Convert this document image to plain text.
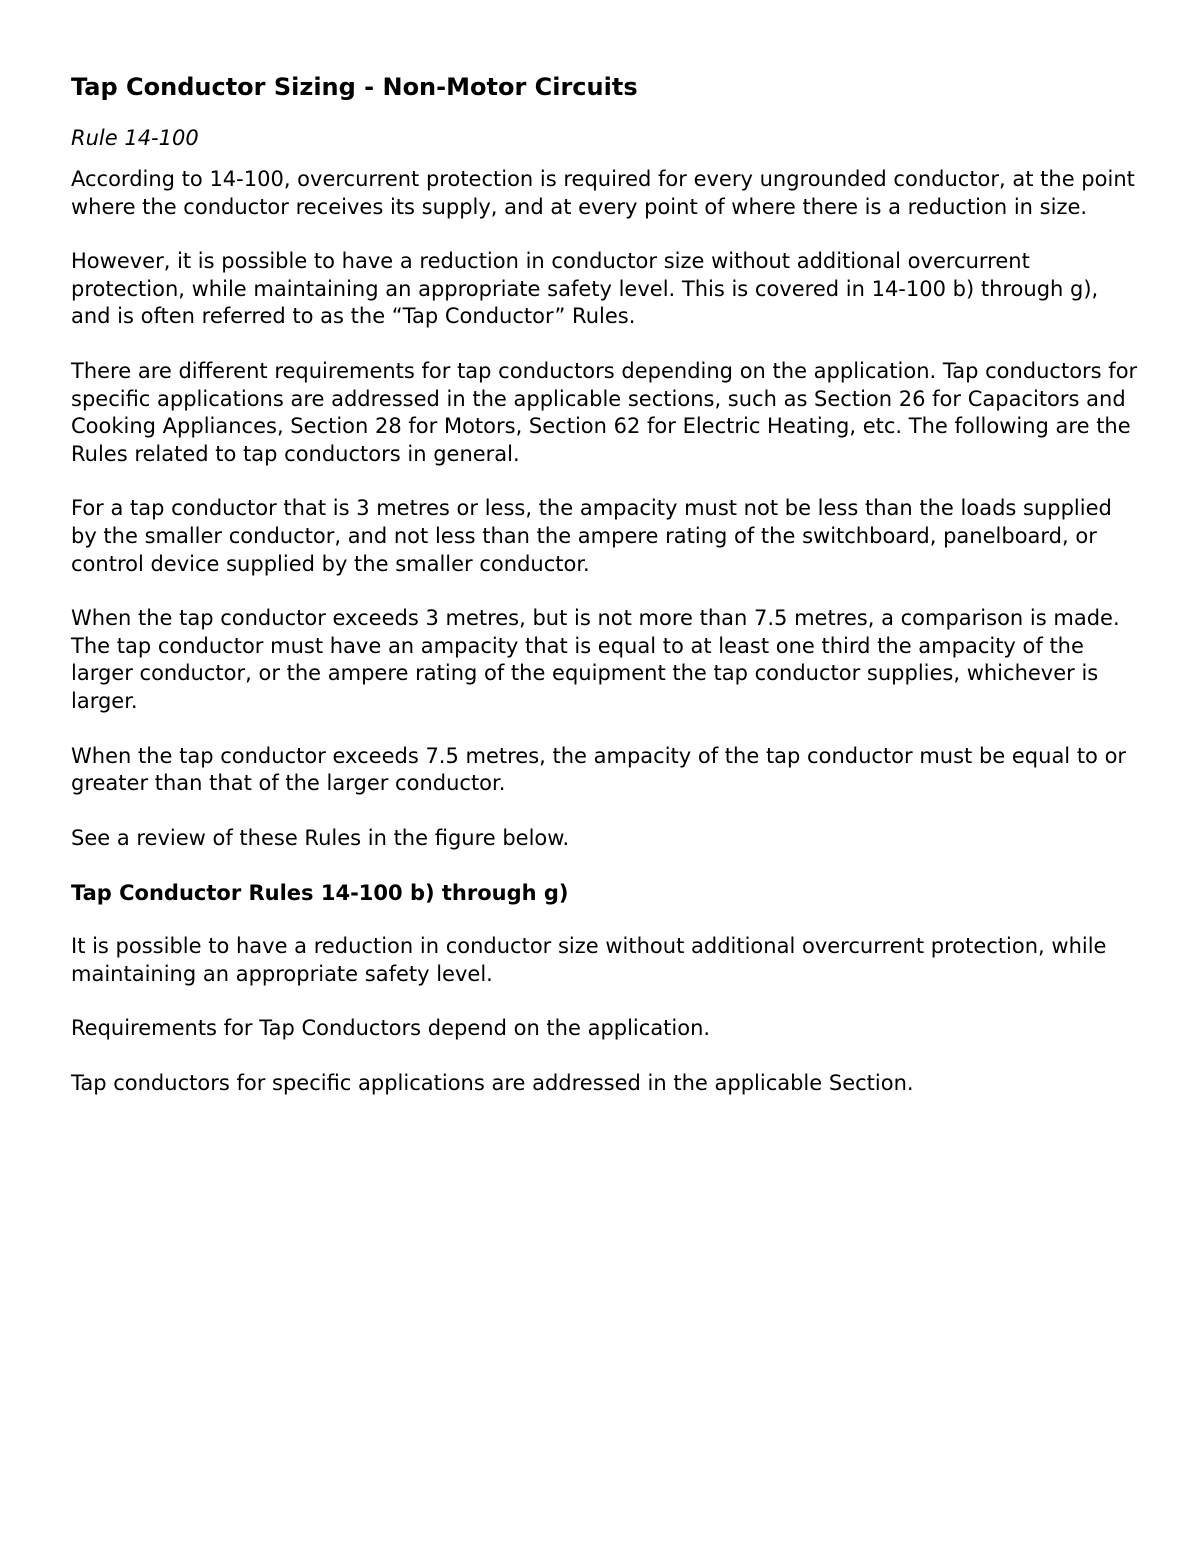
Tap Conductor Sizing - Non-Motor Circuits
Rule 14-100

According to 14-100, overcurrent protection is required for every ungrounded conductor, at the point where the conductor receives its supply, and at every point of where there is a reduction in size.

However, it is possible to have a reduction in conductor size without additional overcurrent protection, while maintaining an appropriate safety level. This is covered in 14-100 b) through g), and is often referred to as the “Tap Conductor” Rules.

There are different requirements for tap conductors depending on the application. Tap conductors for specific applications are addressed in the applicable sections, such as Section 26 for Capacitors and Cooking Appliances, Section 28 for Motors, Section 62 for Electric Heating, etc. The following are the Rules related to tap conductors in general.

For a tap conductor that is 3 metres or less, the ampacity must not be less than the loads supplied by the smaller conductor, and not less than the ampere rating of the switchboard, panelboard, or control device supplied by the smaller conductor.

When the tap conductor exceeds 3 metres, but is not more than 7.5 metres, a comparison is made. The tap conductor must have an ampacity that is equal to at least one third the ampacity of the larger conductor, or the ampere rating of the equipment the tap conductor supplies, whichever is larger.

When the tap conductor exceeds 7.5 metres, the ampacity of the tap conductor must be equal to or greater than that of the larger conductor.

See a review of these Rules in the figure below.

Tap Conductor Rules 14-100 b) through g)

It is possible to have a reduction in conductor size without additional overcurrent protection, while maintaining an appropriate safety level.

Requirements for Tap Conductors depend on the application.

Tap conductors for specific applications are addressed in the applicable Section.
